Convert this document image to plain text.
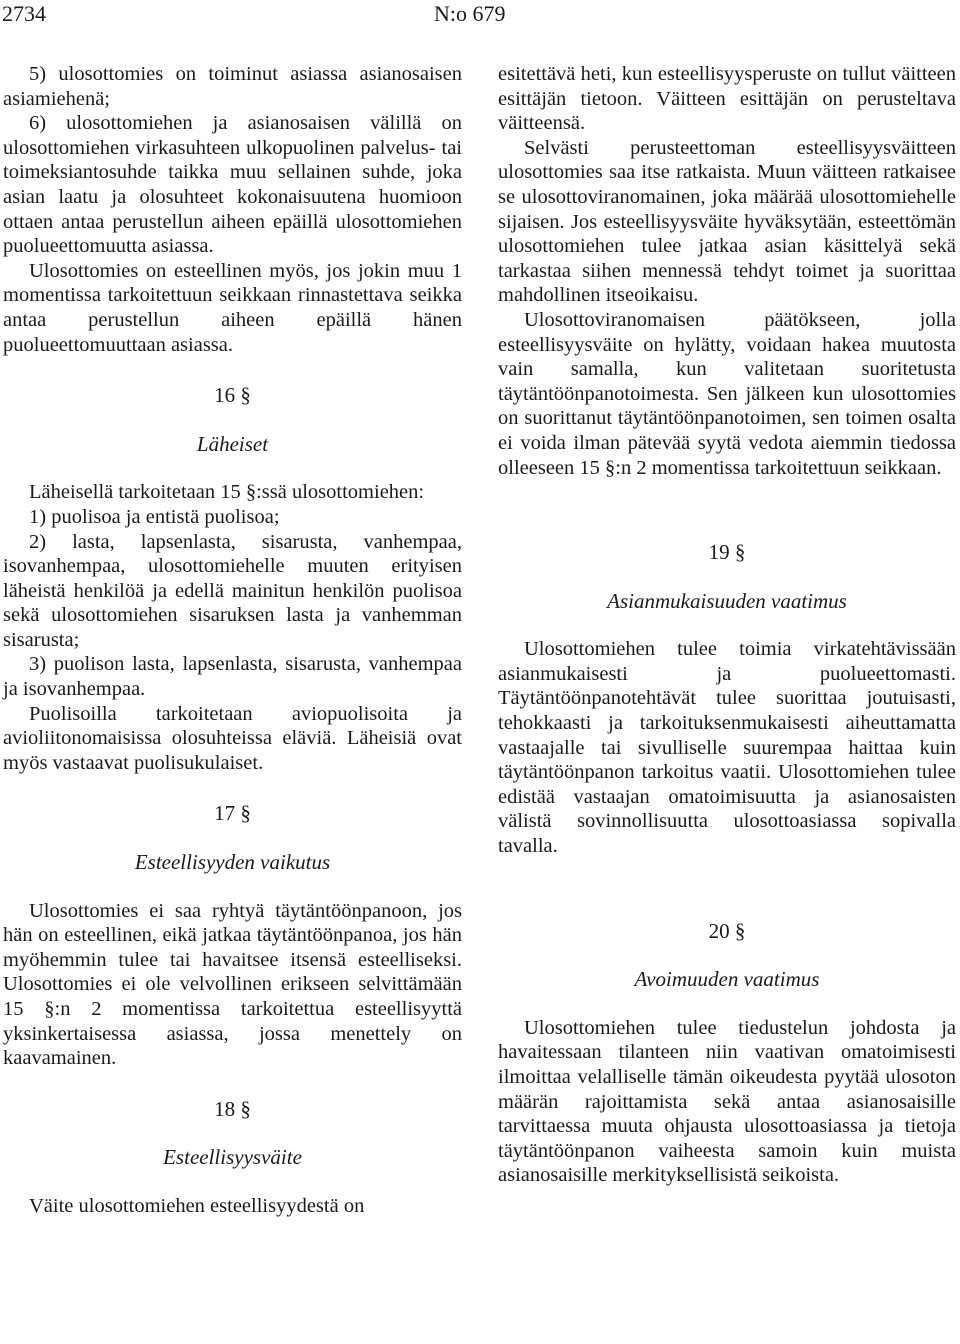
2734	N:o 679

5) ulosottomies on toiminut asiassa asianosaisen asiamiehenä;

6) ulosottomiehen ja asianosaisen välillä on ulosottomiehen virkasuhteen ulkopuolinen palvelus- tai toimeksiantosuhde taikka muu sellainen suhde, joka asian laatu ja olosuhteet kokonaisuutena huomioon ottaen antaa perustellun aiheen epäillä ulosottomiehen puolueettomuutta asiassa.

Ulosottomies on esteellinen myös, jos jokin muu 1 momentissa tarkoitettuun seikkaan rinnastettava seikka antaa perustellun aiheen epäillä hänen puolueettomuuttaan asiassa.

16 §

Läheiset

Läheisellä tarkoitetaan 15 §:ssä ulosottomiehen:

1) puolisoa ja entistä puolisoa;

2) lasta, lapsenlasta, sisarusta, vanhempaa, isovanhempaa, ulosottomiehelle muuten erityisen läheistä henkilöä ja edellä mainitun henkilön puolisoa sekä ulosottomiehen sisaruksen lasta ja vanhemman sisarusta;

3) puolison lasta, lapsenlasta, sisarusta, vanhempaa ja isovanhempaa.

Puolisoilla tarkoitetaan aviopuolisoita ja avioliitonomaisissa olosuhteissa eläviä. Läheisiä ovat myös vastaavat puolisukulaiset.

17 §

Esteellisyyden vaikutus

Ulosottomies ei saa ryhtyä täytäntöönpanoon, jos hän on esteellinen, eikä jatkaa täytäntöönpanoa, jos hän myöhemmin tulee tai havaitsee itsensä esteelliseksi. Ulosottomies ei ole velvollinen erikseen selvittämään 15 §:n 2 momentissa tarkoitettua esteellisyyttä yksinkertaisessa asiassa, jossa menettely on kaavamainen.

18 §

Esteellisyysväite

Väite ulosottomiehen esteellisyydestä on

esitettävä heti, kun esteellisyysperuste on tullut väitteen esittäjän tietoon. Väitteen esittäjän on perusteltava väitteensä.

Selvästi perusteettoman esteellisyysväitteen ulosottomies saa itse ratkaista. Muun väitteen ratkaisee se ulosottoviranomainen, joka määrää ulosottomiehelle sijaisen. Jos esteellisyysväite hyväksytään, esteettömän ulosottomiehen tulee jatkaa asian käsittelyä sekä tarkastaa siihen mennessä tehdyt toimet ja suorittaa mahdollinen itseoikaisu.

Ulosottoviranomaisen päätökseen, jolla esteellisyysväite on hylätty, voidaan hakea muutosta vain samalla, kun valitetaan suoritetusta täytäntöönpanotoimesta. Sen jälkeen kun ulosottomies on suorittanut täytäntöönpanotoimen, sen toimen osalta ei voida ilman pätevää syytä vedota aiemmin tiedossa olleeseen 15 §:n 2 momentissa tarkoitettuun seikkaan.

19 §

Asianmukaisuuden vaatimus

Ulosottomiehen tulee toimia virkatehtävissään asianmukaisesti ja puolueettomasti. Täytäntöönpanotehtävät tulee suorittaa joutuisasti, tehokkaasti ja tarkoituksenmukaisesti aiheuttamatta vastaajalle tai sivulliselle suurempaa haittaa kuin täytäntöönpanon tarkoitus vaatii. Ulosottomiehen tulee edistää vastaajan omatoimisuutta ja asianosaisten välistä sovinnollisuutta ulosottoasiassa sopivalla tavalla.

20 §

Avoimuuden vaatimus

Ulosottomiehen tulee tiedustelun johdosta ja havaitessaan tilanteen niin vaativan omatoimisesti ilmoittaa velalliselle tämän oikeudesta pyytää ulosoton määrän rajoittamista sekä antaa asianosaisille tarvittaessa muuta ohjausta ulosottoasiassa ja tietoja täytäntöönpanon vaiheesta samoin kuin muista asianosaisille merkityksellisistä seikoista.
